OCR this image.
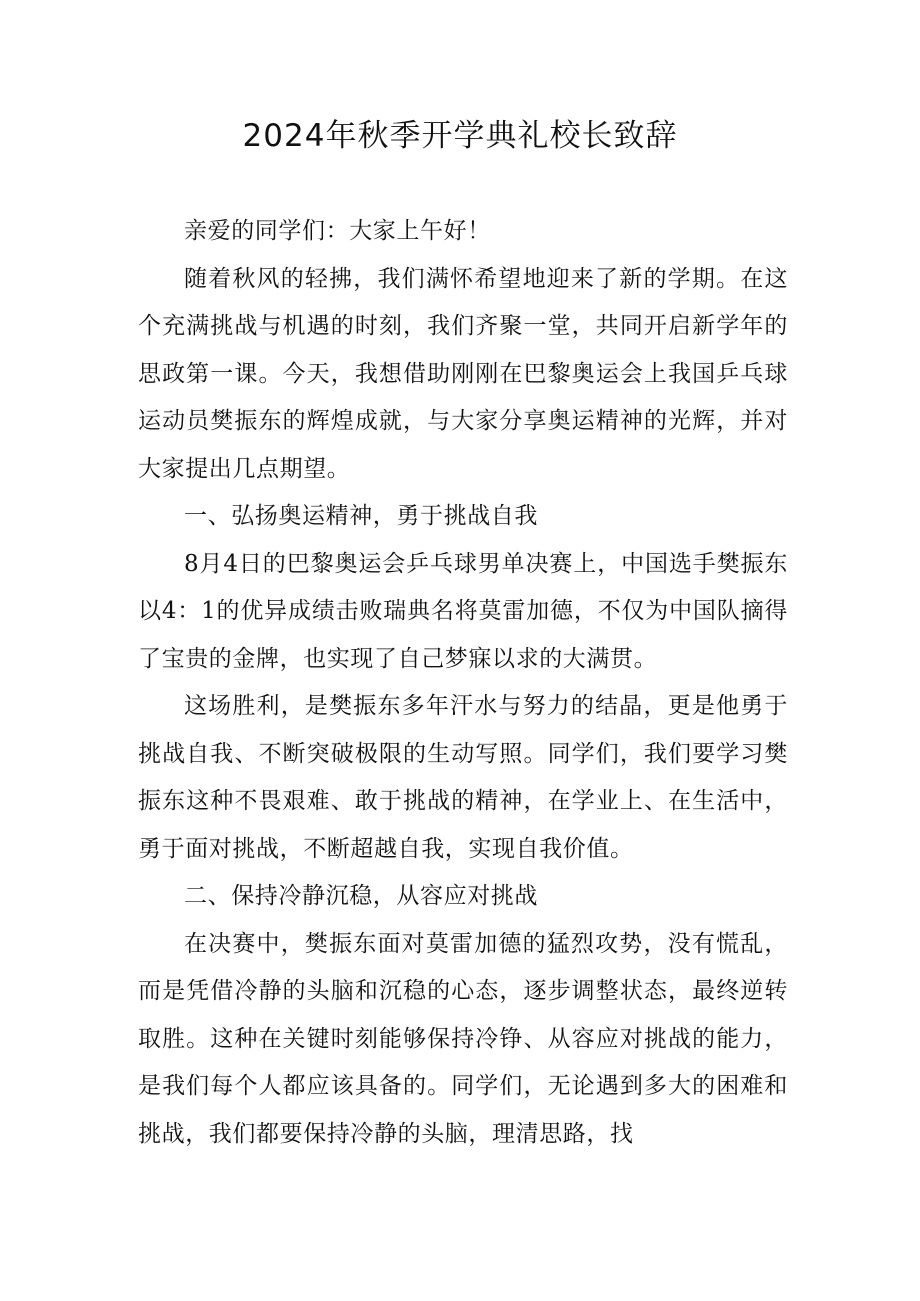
2024年秋季开学典礼校长致辞

亲爱的同学们：大家上午好！

随着秋风的轻拂，我们满怀希望地迎来了新的学期。在这个充满挑战与机遇的时刻，我们齐聚一堂，共同开启新学年的思政第一课。今天，我想借助刚刚在巴黎奥运会上我国乒乓球运动员樊振东的辉煌成就，与大家分享奥运精神的光辉，并对大家提出几点期望。

一、弘扬奥运精神，勇于挑战自我

8月4日的巴黎奥运会乒乓球男单决赛上，中国选手樊振东以4：1的优异成绩击败瑞典名将莫雷加德，不仅为中国队摘得了宝贵的金牌，也实现了自己梦寐以求的大满贯。

这场胜利，是樊振东多年汗水与努力的结晶，更是他勇于挑战自我、不断突破极限的生动写照。同学们，我们要学习樊振东这种不畏艰难、敢于挑战的精神，在学业上、在生活中，勇于面对挑战，不断超越自我，实现自我价值。

二、保持冷静沉稳，从容应对挑战

在决赛中，樊振东面对莫雷加德的猛烈攻势，没有慌乱，而是凭借冷静的头脑和沉稳的心态，逐步调整状态，最终逆转取胜。这种在关键时刻能够保持冷铮、从容应对挑战的能力，是我们每个人都应该具备的。同学们，无论遇到多大的困难和挑战，我们都要保持冷静的头脑，理清思路，找
